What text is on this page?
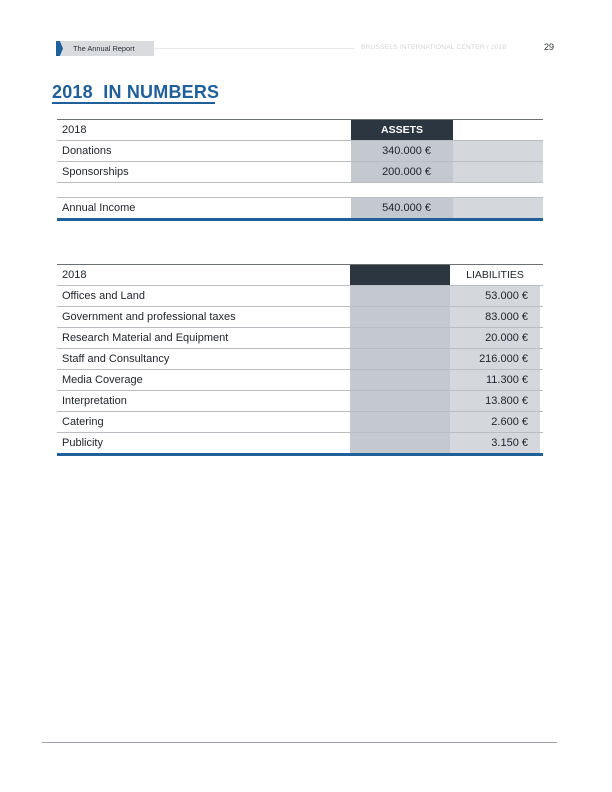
The Annual Report	BRUSSELS INTERNATIONAL CENTER / 2018	29
2018  IN NUMBERS
2018	ASSETS
Donations	340.000 €
Sponsorships	200.000 €
Annual Income	540.000 €
2018	LIABILITIES
Offices and Land	53.000 €
Government and professional taxes	83.000 €
Research Material and Equipment	20.000 €
Staff and Consultancy	216.000 €
Media Coverage	11.300 €
Interpretation	13.800 €
Catering	2.600 €
Publicity	3.150 €
